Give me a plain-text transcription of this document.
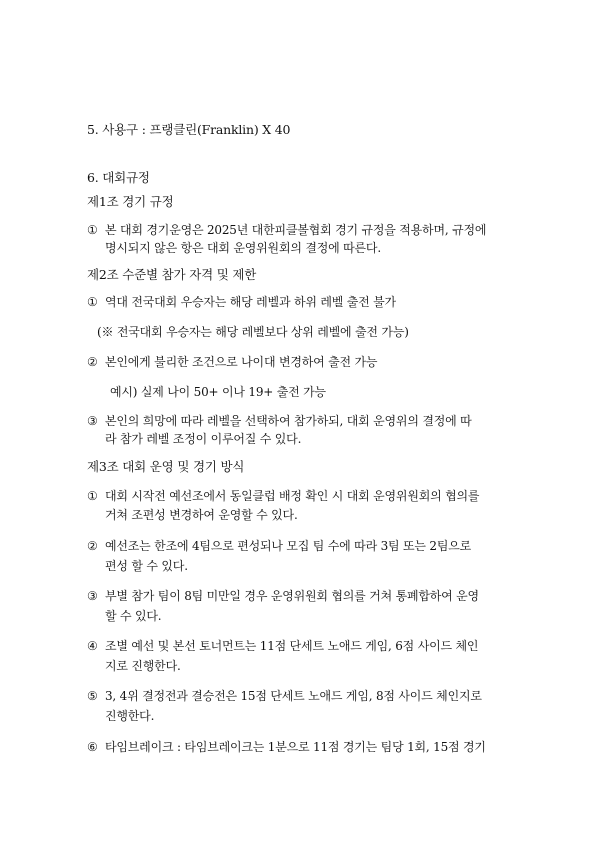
5. 사용구 : 프랭클린(Franklin) X 40
6. 대회규정
제1조 경기 규정
① 본 대회 경기운영은 2025년 대한피클볼협회 경기 규정을 적용하며, 규정에
명시되지 않은 항은 대회 운영위원회의 결정에 따른다.
제2조 수준별 참가 자격 및 제한
① 역대 전국대회 우승자는 해당 레벨과 하위 레벨 출전 불가
(※ 전국대회 우승자는 해당 레벨보다 상위 레벨에 출전 가능)
② 본인에게 불리한 조건으로 나이대 변경하여 출전 가능
예시) 실제 나이 50+ 이나 19+ 출전 가능
③ 본인의 희망에 따라 레벨을 선택하여 참가하되, 대회 운영위의 결정에 따
라 참가 레벨 조정이 이루어질 수 있다.
제3조 대회 운영 및 경기 방식
① 대회 시작전 예선조에서 동일클럽 배정 확인 시 대회 운영위원회의 협의를
거쳐 조편성 변경하여 운영할 수 있다.
② 예선조는 한조에 4팀으로 편성되나 모집 팀 수에 따라 3팀 또는 2팀으로
편성 할 수 있다.
③ 부별 참가 팀이 8팀 미만일 경우 운영위원회 협의를 거쳐 통폐합하여 운영
할 수 있다.
④ 조별 예선 및 본선 토너먼트는 11점 단세트 노애드 게임, 6점 사이드 체인
지로 진행한다.
⑤ 3, 4위 결정전과 결승전은 15점 단세트 노애드 게임, 8점 사이드 체인지로
진행한다.
⑥ 타임브레이크 : 타임브레이크는 1분으로 11점 경기는 팀당 1회, 15점 경기
